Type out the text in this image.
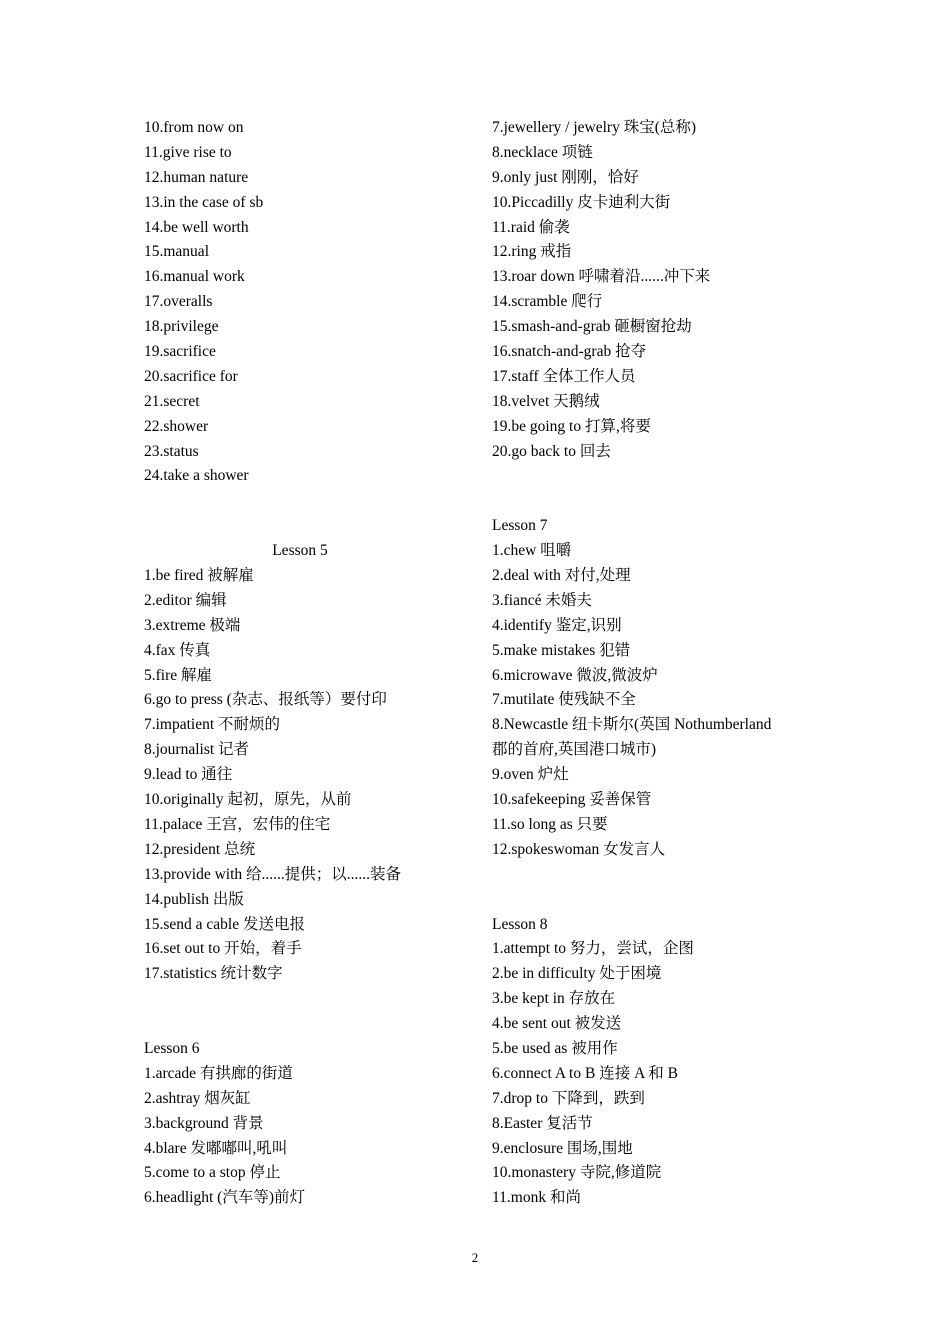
10.from now on
11.give rise to
12.human nature
13.in the case of sb
14.be well worth
15.manual
16.manual work
17.overalls
18.privilege
19.sacrifice
20.sacrifice for
21.secret
22.shower
23.status
24.take a shower
Lesson 5
1.be fired 被解雇
2.editor 编辑
3.extreme 极端
4.fax 传真
5.fire 解雇
6.go to press (杂志、报纸等）要付印
7.impatient 不耐烦的
8.journalist 记者
9.lead to 通往
10.originally 起初，原先，从前
11.palace 王宫，宏伟的住宅
12.president 总统
13.provide with 给......提供；以......装备
14.publish 出版
15.send a cable 发送电报
16.set out to 开始，着手
17.statistics 统计数字
Lesson 6
1.arcade 有拱廊的街道
2.ashtray 烟灰缸
3.background 背景
4.blare 发嘟嘟叫,吼叫
5.come to a stop 停止
6.headlight (汽车等)前灯
7.jewellery / jewelry 珠宝(总称)
8.necklace 项链
9.only just 刚刚，恰好
10.Piccadilly 皮卡迪利大街
11.raid 偷袭
12.ring 戒指
13.roar down 呼啸着沿......冲下来
14.scramble 爬行
15.smash-and-grab 砸橱窗抢劫
16.snatch-and-grab 抢夺
17.staff 全体工作人员
18.velvet 天鹅绒
19.be going to 打算,将要
20.go back to 回去
Lesson 7
1.chew 咀嚼
2.deal with 对付,处理
3.fiancé 未婚夫
4.identify 鉴定,识别
5.make mistakes 犯错
6.microwave 微波,微波炉
7.mutilate 使残缺不全
8.Newcastle 纽卡斯尔(英国 Nothumberland
郡的首府,英国港口城市)
9.oven 炉灶
10.safekeeping 妥善保管
11.so long as 只要
12.spokeswoman 女发言人
Lesson 8
1.attempt to 努力，尝试，企图
2.be in difficulty 处于困境
3.be kept in 存放在
4.be sent out 被发送
5.be used as 被用作
6.connect A to B 连接 A 和 B
7.drop to 下降到，跌到
8.Easter 复活节
9.enclosure 围场,围地
10.monastery 寺院,修道院
11.monk 和尚
2
